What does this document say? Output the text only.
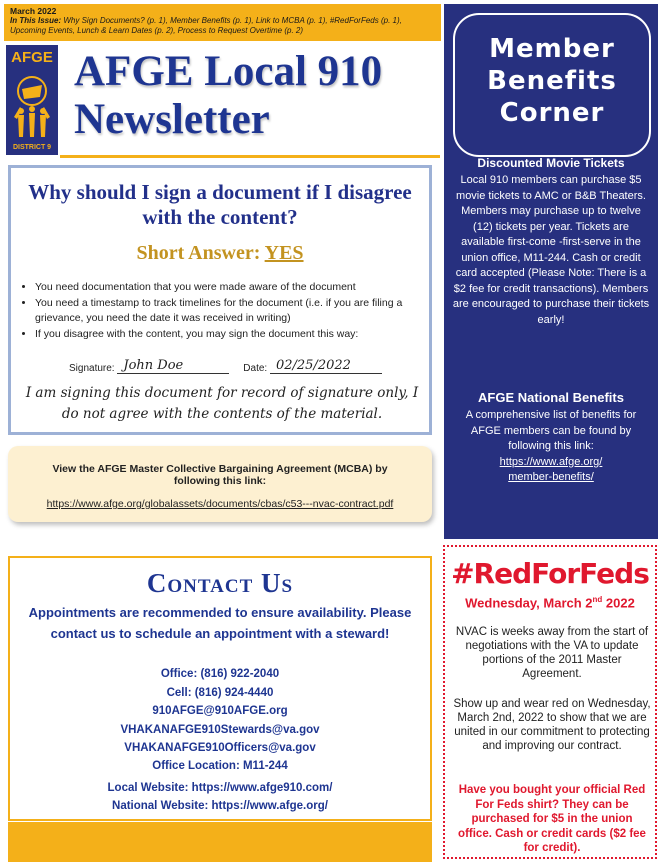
March 2022
In This Issue: Why Sign Documents? (p. 1), Member Benefits (p. 1), Link to MCBA (p. 1), #RedForFeds (p. 1), Upcoming Events, Lunch & Learn Dates (p. 2), Process to Request Overtime (p. 2)
AFGE
DISTRICT 9
AFGE Local 910
Newsletter
Why should I sign a document if I disagree with the content?
Short Answer: YES
• You need documentation that you were made aware of the document
• You need a timestamp to track timelines for the document (i.e. if you are filing a grievance, you need the date it was received in writing)
• If you disagree with the content, you may sign the document this way:
Signature: John Doe	Date: 02/25/2022
I am signing this document for record of signature only, I do not agree with the contents of the material.
View the AFGE Master Collective Bargaining Agreement (MCBA) by following this link:
https://www.afge.org/globalassets/documents/cbas/c53---nvac-contract.pdf
Member
Benefits
Corner
Discounted Movie Tickets
Local 910 members can purchase $5 movie tickets to AMC or B&B Theaters. Members may purchase up to twelve (12) tickets per year. Tickets are available first-come -first-serve in the union office, M11-244. Cash or credit card accepted (Please Note: There is a $2 fee for credit transactions). Members are encouraged to purchase their tickets early!
AFGE National Benefits
A comprehensive list of benefits for AFGE members can be found by following this link:
https://www.afge.org/
member-benefits/
Contact Us
Appointments are recommended to ensure availability. Please contact us to schedule an appointment with a steward!
Office: (816) 922-2040
Cell: (816) 924-4440
910AFGE@910AFGE.org
VHAKANAFGE910Stewards@va.gov
VHAKANAFGE910Officers@va.gov
Office Location: M11-244
Local Website: https://www.afge910.com/
National Website: https://www.afge.org/
#RedForFeds
Wednesday, March 2nd 2022
NVAC is weeks away from the start of negotiations with the VA to update portions of the 2011 Master Agreement.
Show up and wear red on Wednesday, March 2nd, 2022 to show that we are united in our commitment to protecting and improving our contract.
Have you bought your official Red For Feds shirt? They can be purchased for $5 in the union office. Cash or credit cards ($2 fee for credit).
